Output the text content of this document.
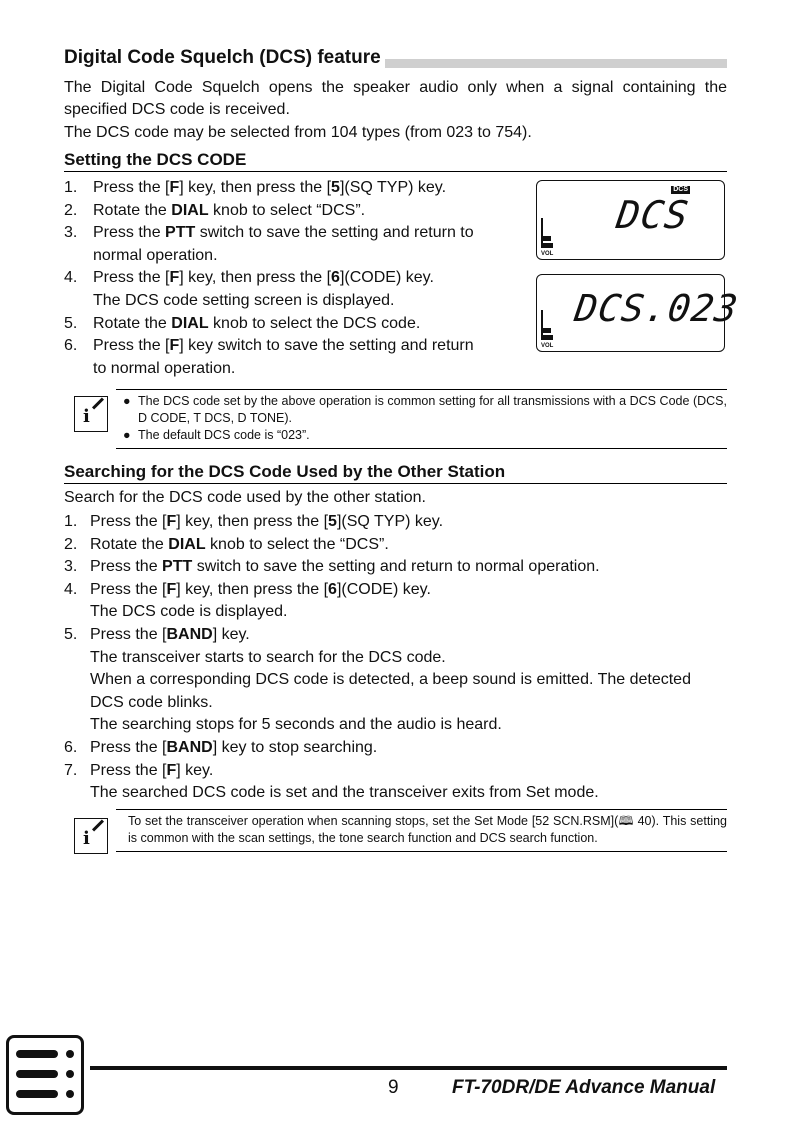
Digital Code Squelch (DCS) feature
The Digital Code Squelch opens the speaker audio only when a signal containing the specified DCS code is received.
The DCS code may be selected from 104 types (from 023 to 754).
Setting the DCS CODE
1. Press the [F] key, then press the [5](SQ TYP) key.
2. Rotate the DIAL knob to select “DCS”.
3. Press the PTT switch to save the setting and return to
normal operation.
4. Press the [F] key, then press the [6](CODE) key.
The DCS code setting screen is displayed.
5. Rotate the DIAL knob to select the DCS code.
6. Press the [F] key switch to save the setting and return
to normal operation.
DCS
DCS
VOL
DCS.023
VOL
i
● The DCS code set by the above operation is common setting for all transmissions with a DCS Code (DCS, D CODE, T DCS, D TONE).
● The default DCS code is “023”.
Searching for the DCS Code Used by the Other Station
Search for the DCS code used by the other station.
1. Press the [F] key, then press the [5](SQ TYP) key.
2. Rotate the DIAL knob to select the “DCS”.
3. Press the PTT switch to save the setting and return to normal operation.
4. Press the [F] key, then press the [6](CODE) key.
The DCS code is displayed.
5. Press the [BAND] key.
The transceiver starts to search for the DCS code.
When a corresponding DCS code is detected, a beep sound is emitted. The detected
DCS code blinks.
The searching stops for 5 seconds and the audio is heard.
6. Press the [BAND] key to stop searching.
7. Press the [F] key.
The searched DCS code is set and the transceiver exits from Set mode.
i
To set the transceiver operation when scanning stops, set the Set Mode [52 SCN.RSM](🕮 40). This setting is common with the scan settings, the tone search function and DCS search function.
9	FT-70DR/DE Advance Manual
